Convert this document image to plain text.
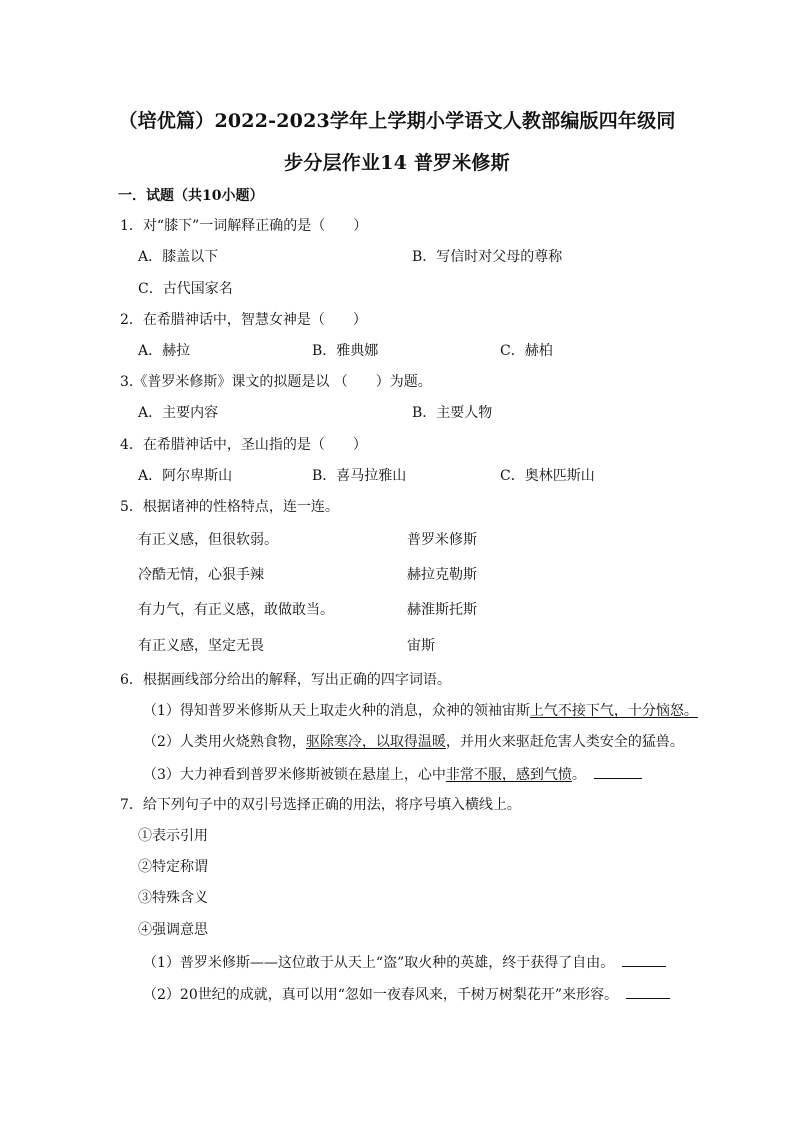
（培优篇）2022-2023学年上学期小学语文人教部编版四年级同
步分层作业14 普罗米修斯
一．试题（共10小题）
1．对“膝下”一词解释正确的是（　　）
A．膝盖以下	B．写信时对父母的尊称
C．古代国家名
2．在希腊神话中，智慧女神是（　　）
A．赫拉	B．雅典娜	C．赫柏
3.《普罗米修斯》课文的拟题是以 （　　）为题。
A．主要内容	B．主要人物
4．在希腊神话中，圣山指的是（　　）
A．阿尔卑斯山	B．喜马拉雅山	C．奥林匹斯山
5．根据诸神的性格特点，连一连。
有正义感，但很软弱。	普罗米修斯
冷酷无情，心狠手辣	赫拉克勒斯
有力气，有正义感，敢做敢当。	赫淮斯托斯
有正义感，坚定无畏	宙斯
6．根据画线部分给出的解释，写出正确的四字词语。
（1）得知普罗米修斯从天上取走火种的消息，众神的领袖宙斯上气不接下气，十分恼怒。
（2）人类用火烧熟食物，驱除寒冷，以取得温暖，并用火来驱赶危害人类安全的猛兽。
（3）大力神看到普罗米修斯被锁在悬崖上，心中非常不服，感到气愤。
7．给下列句子中的双引号选择正确的用法，将序号填入横线上。
①表示引用
②特定称谓
③特殊含义
④强调意思
（1）普罗米修斯——这位敢于从天上“盗”取火种的英雄，终于获得了自由。
（2）20世纪的成就，真可以用“忽如一夜春风来，千树万树梨花开”来形容。
